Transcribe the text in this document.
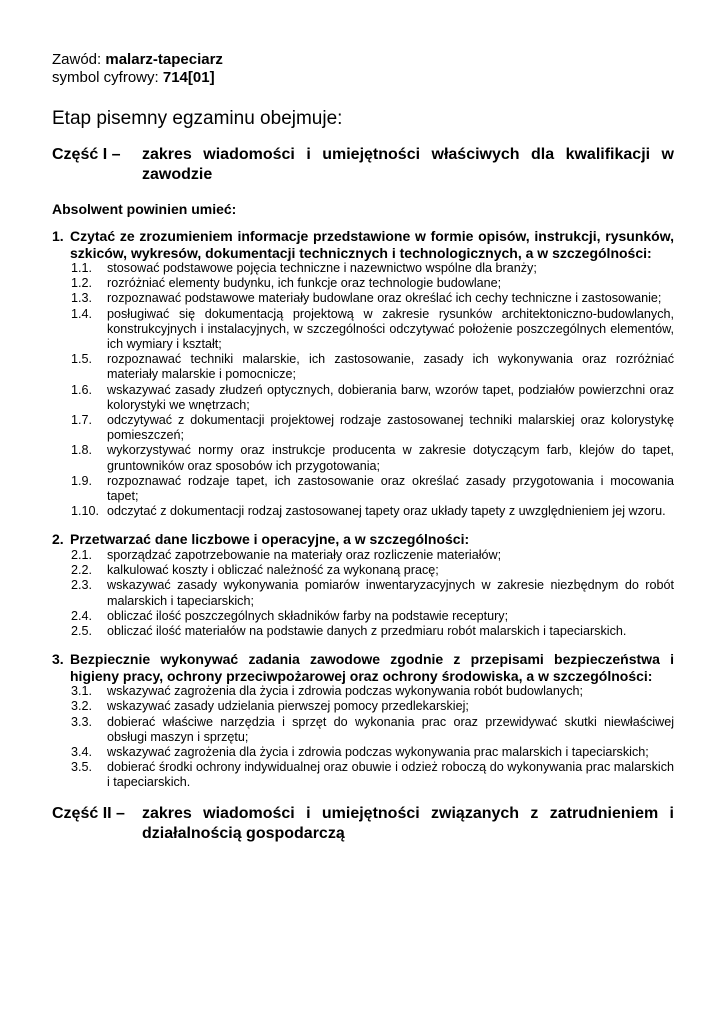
Zawód: malarz-tapeciarz
symbol cyfrowy: 714[01]
Etap pisemny egzaminu obejmuje:
Część I –	zakres wiadomości i umiejętności właściwych dla kwalifikacji w zawodzie
Absolwent powinien umieć:
1. Czytać ze zrozumieniem informacje przedstawione w formie opisów, instrukcji, rysunków, szkiców, wykresów, dokumentacji technicznych i technologicznych, a w szczególności:
1.1.	stosować podstawowe pojęcia techniczne i nazewnictwo wspólne dla branży;
1.2.	rozróżniać elementy budynku, ich funkcje oraz technologie budowlane;
1.3.	rozpoznawać podstawowe materiały budowlane oraz określać ich cechy techniczne i zastosowanie;
1.4.	posługiwać się dokumentacją projektową w zakresie rysunków architektoniczno-budowlanych, konstrukcyjnych i instalacyjnych, w szczególności odczytywać położenie poszczególnych elementów, ich wymiary i kształt;
1.5.	rozpoznawać techniki malarskie, ich zastosowanie, zasady ich wykonywania oraz rozróżniać materiały malarskie i pomocnicze;
1.6.	wskazywać zasady złudzeń optycznych, dobierania barw, wzorów tapet, podziałów powierzchni oraz kolorystyki we wnętrzach;
1.7.	odczytywać z dokumentacji projektowej rodzaje zastosowanej techniki malarskiej oraz kolorystykę pomieszczeń;
1.8.	wykorzystywać normy oraz instrukcje producenta w zakresie dotyczącym farb, klejów do tapet, gruntowników oraz sposobów ich przygotowania;
1.9.	rozpoznawać rodzaje tapet, ich zastosowanie oraz określać zasady przygotowania i mocowania tapet;
1.10. odczytać z dokumentacji rodzaj zastosowanej tapety oraz układy tapety z uwzględnieniem jej wzoru.
2. Przetwarzać dane liczbowe i operacyjne, a w szczególności:
2.1.	sporządzać zapotrzebowanie na materiały oraz rozliczenie materiałów;
2.2.	kalkulować koszty i obliczać należność za wykonaną pracę;
2.3.	wskazywać zasady wykonywania pomiarów inwentaryzacyjnych w zakresie niezbędnym do robót malarskich i tapeciarskich;
2.4.	obliczać ilość poszczególnych składników farby na podstawie receptury;
2.5.	obliczać ilość materiałów na podstawie danych z przedmiaru robót malarskich i tapeciarskich.
3. Bezpiecznie wykonywać zadania zawodowe zgodnie z przepisami bezpieczeństwa i higieny pracy, ochrony przeciwpożarowej oraz ochrony środowiska, a w szczególności:
3.1.	wskazywać zagrożenia dla życia i zdrowia podczas wykonywania robót budowlanych;
3.2.	wskazywać zasady udzielania pierwszej pomocy przedlekarskiej;
3.3.	dobierać właściwe narzędzia i sprzęt do wykonania prac oraz przewidywać skutki niewłaściwej obsługi maszyn i sprzętu;
3.4.	wskazywać zagrożenia dla życia i zdrowia podczas wykonywania prac malarskich i tapeciarskich;
3.5.	dobierać środki ochrony indywidualnej oraz obuwie i odzież roboczą do wykonywania prac malarskich i tapeciarskich.
Część II –	zakres wiadomości i umiejętności związanych z zatrudnieniem i działalnością gospodarczą
